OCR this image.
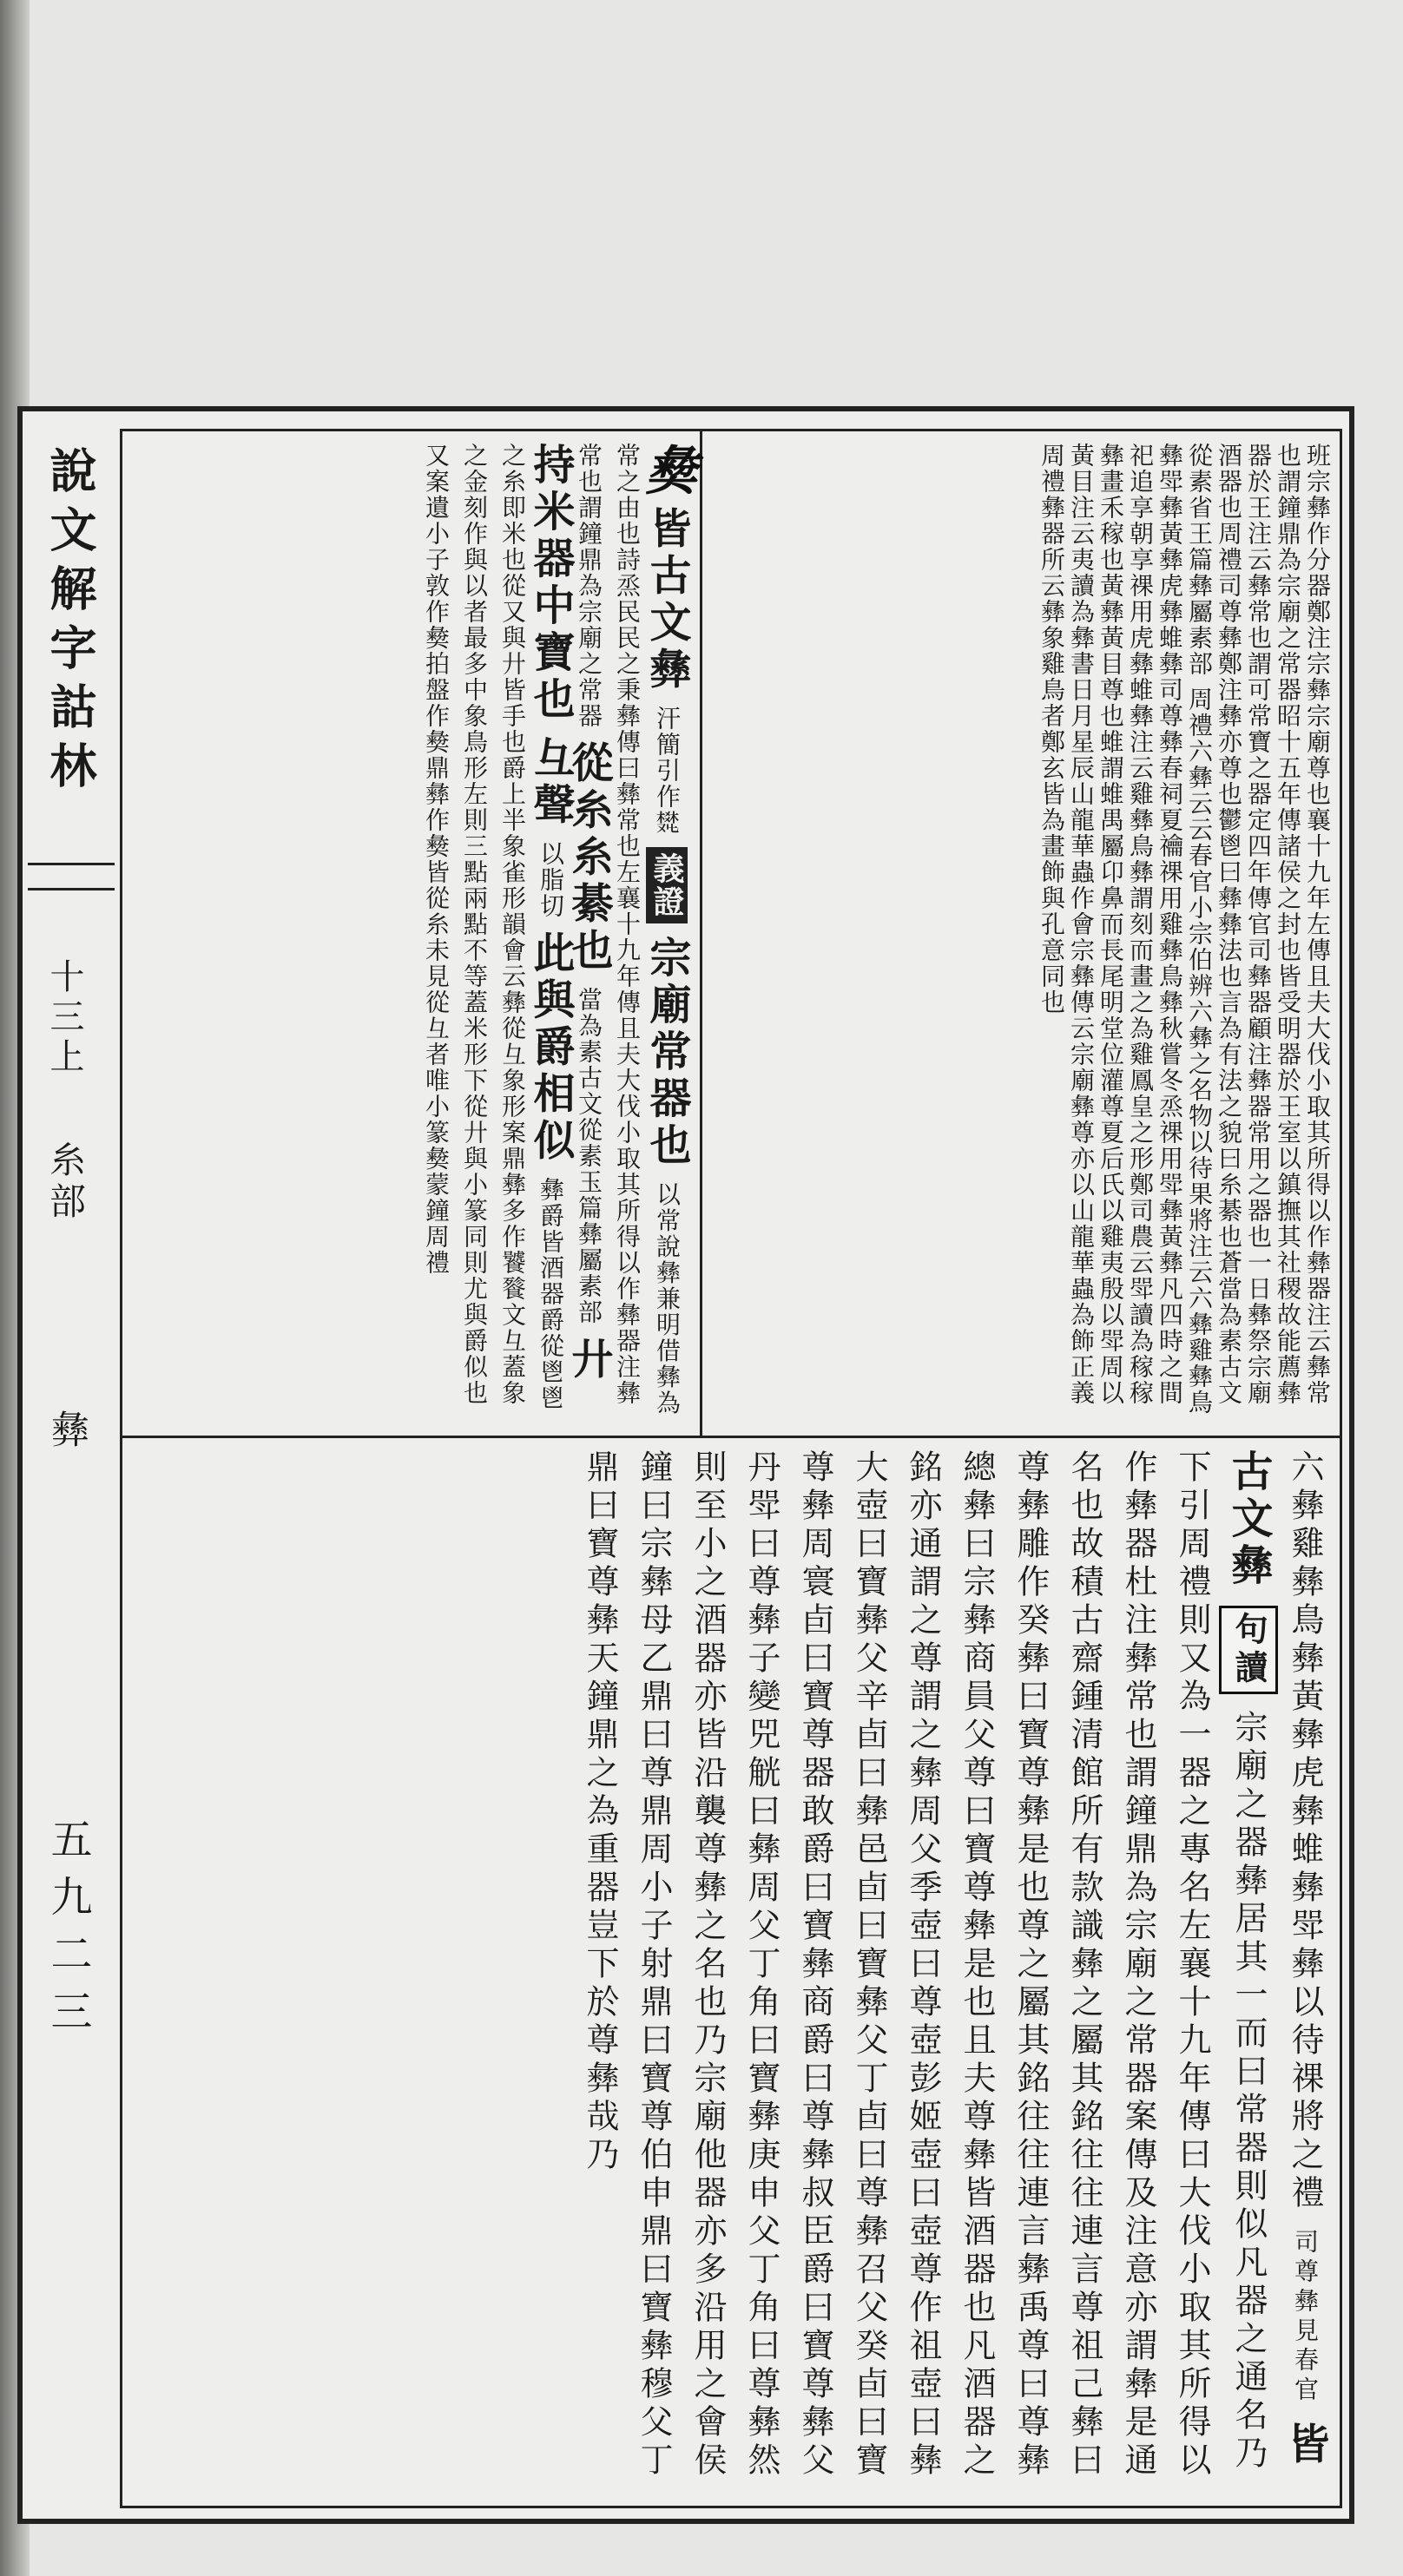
說文解字詁林
十三上
糸部
彝
五九二三

班宗彝作分器鄭注宗彝宗廟尊也襄十九年左傳且夫大伐小取其所得以作彝器注云彝常也謂鐘鼎為宗廟之常器昭十五年傳諸侯之封也皆受明器於王室以鎮撫其社稷故能薦彝器於王注云彝常也謂可常寶之器定四年傳官司彝器顧注彝器常用之器也一日彝祭宗廟酒器也周禮司尊彝鄭注彝亦尊也鬱鬯曰彝彝法也言為有法之貌曰糸綦也蒼當為素古文從素省王篇彝屬素部 周禮六彝云云春官小宗伯辨六彝之名物以待果將注云六彝雞彝鳥彝斝彝黃彝虎彝蜼彝司尊彝春祠夏禴祼用雞彝鳥彝秋嘗冬烝祼用斝彝黃彝凡四時之間祀追享朝享祼用虎彝蜼彝注云雞彝鳥彝謂刻而畫之為雞鳳皇之形鄭司農云斝讀為稼稼彝畫禾稼也黃彝黃目尊也蜼謂蜼禺屬卬鼻而長尾明堂位灌尊夏后氏以雞夷殷以斝周以黃目注云夷讀為彝書日月星辰山龍華蟲作會宗彝傳云宗廟彝尊亦以山龍華蟲為飾正義周禮彝器所云彝象雞鳥者鄭玄皆為畫飾與孔意同也

𢑱 皆古文彝 汗簡引作𤕩 義證 宗廟常器也 以常說彝兼明借彝為常之由也詩烝民民之秉彝傳曰彝常也左襄十九年傳且夫大伐小取其所得以作彝器注彝常也謂鐘鼎為宗廟之常器 從糸糸綦也 當為素古文從素玉篇彝屬素部 廾持米器中寶也 彑聲 以脂切 此與爵相似 彝爵皆酒器爵從鬯鬯之糸即米也從又與廾皆手也爵上半象雀形韻會云彝從彑象形案鼎彝多作饕餮文彑蓋象之金刻作與以者最多中象鳥形左則三點兩點不等蓋米形下從廾與小篆同則尤與爵似也又案遺小子敦作𢑱拍盤作𢑱鼎彝作𢑱皆從糸未見從彑者唯小篆𢑱蒙鐘周禮
六彝雞彝鳥彝黃彝虎彝蜼彝斝彝以待祼將之禮 司尊彝見春官 皆古文彝 句讀 宗廟之器彝居其一而曰常器則似凡器之通名乃下引周禮則又為一器之專名左襄十九年傳曰大伐小取其所得以作彝器杜注彝常也謂鐘鼎為宗廟之常器案傳及注意亦謂彝是通名也故積古齋鍾清館所有款識彝之屬其銘往往連言尊祖己彝曰尊彝雕作癸彝曰寶尊彝是也尊之屬其銘往往連言彝禹尊曰尊彝總彝曰宗彝商員父尊曰寶尊彝是也且夫尊彝皆酒器也凡酒器之銘亦通謂之尊謂之彝周父季壺曰尊壺彭姬壺曰壺尊作祖壺曰彝大壺曰寶彝父辛卣曰彝邑卣曰寶彝父丁卣曰尊彝召父癸卣曰寶尊彝周寰卣曰寶尊器敢爵曰寶彝商爵曰尊彝叔臣爵曰寶尊彝父丹斝曰尊彝子變兕觥曰彝周父丁角曰寶彝庚申父丁角曰尊彝然則至小之酒器亦皆沿襲尊彝之名也乃宗廟他器亦多沿用之會侯鐘曰宗彝母乙鼎曰尊鼎周小子射鼎曰寶尊伯申鼎曰寶彝穆父丁鼎曰寶尊彝天鐘鼎之為重器豈下於尊彝哉乃
